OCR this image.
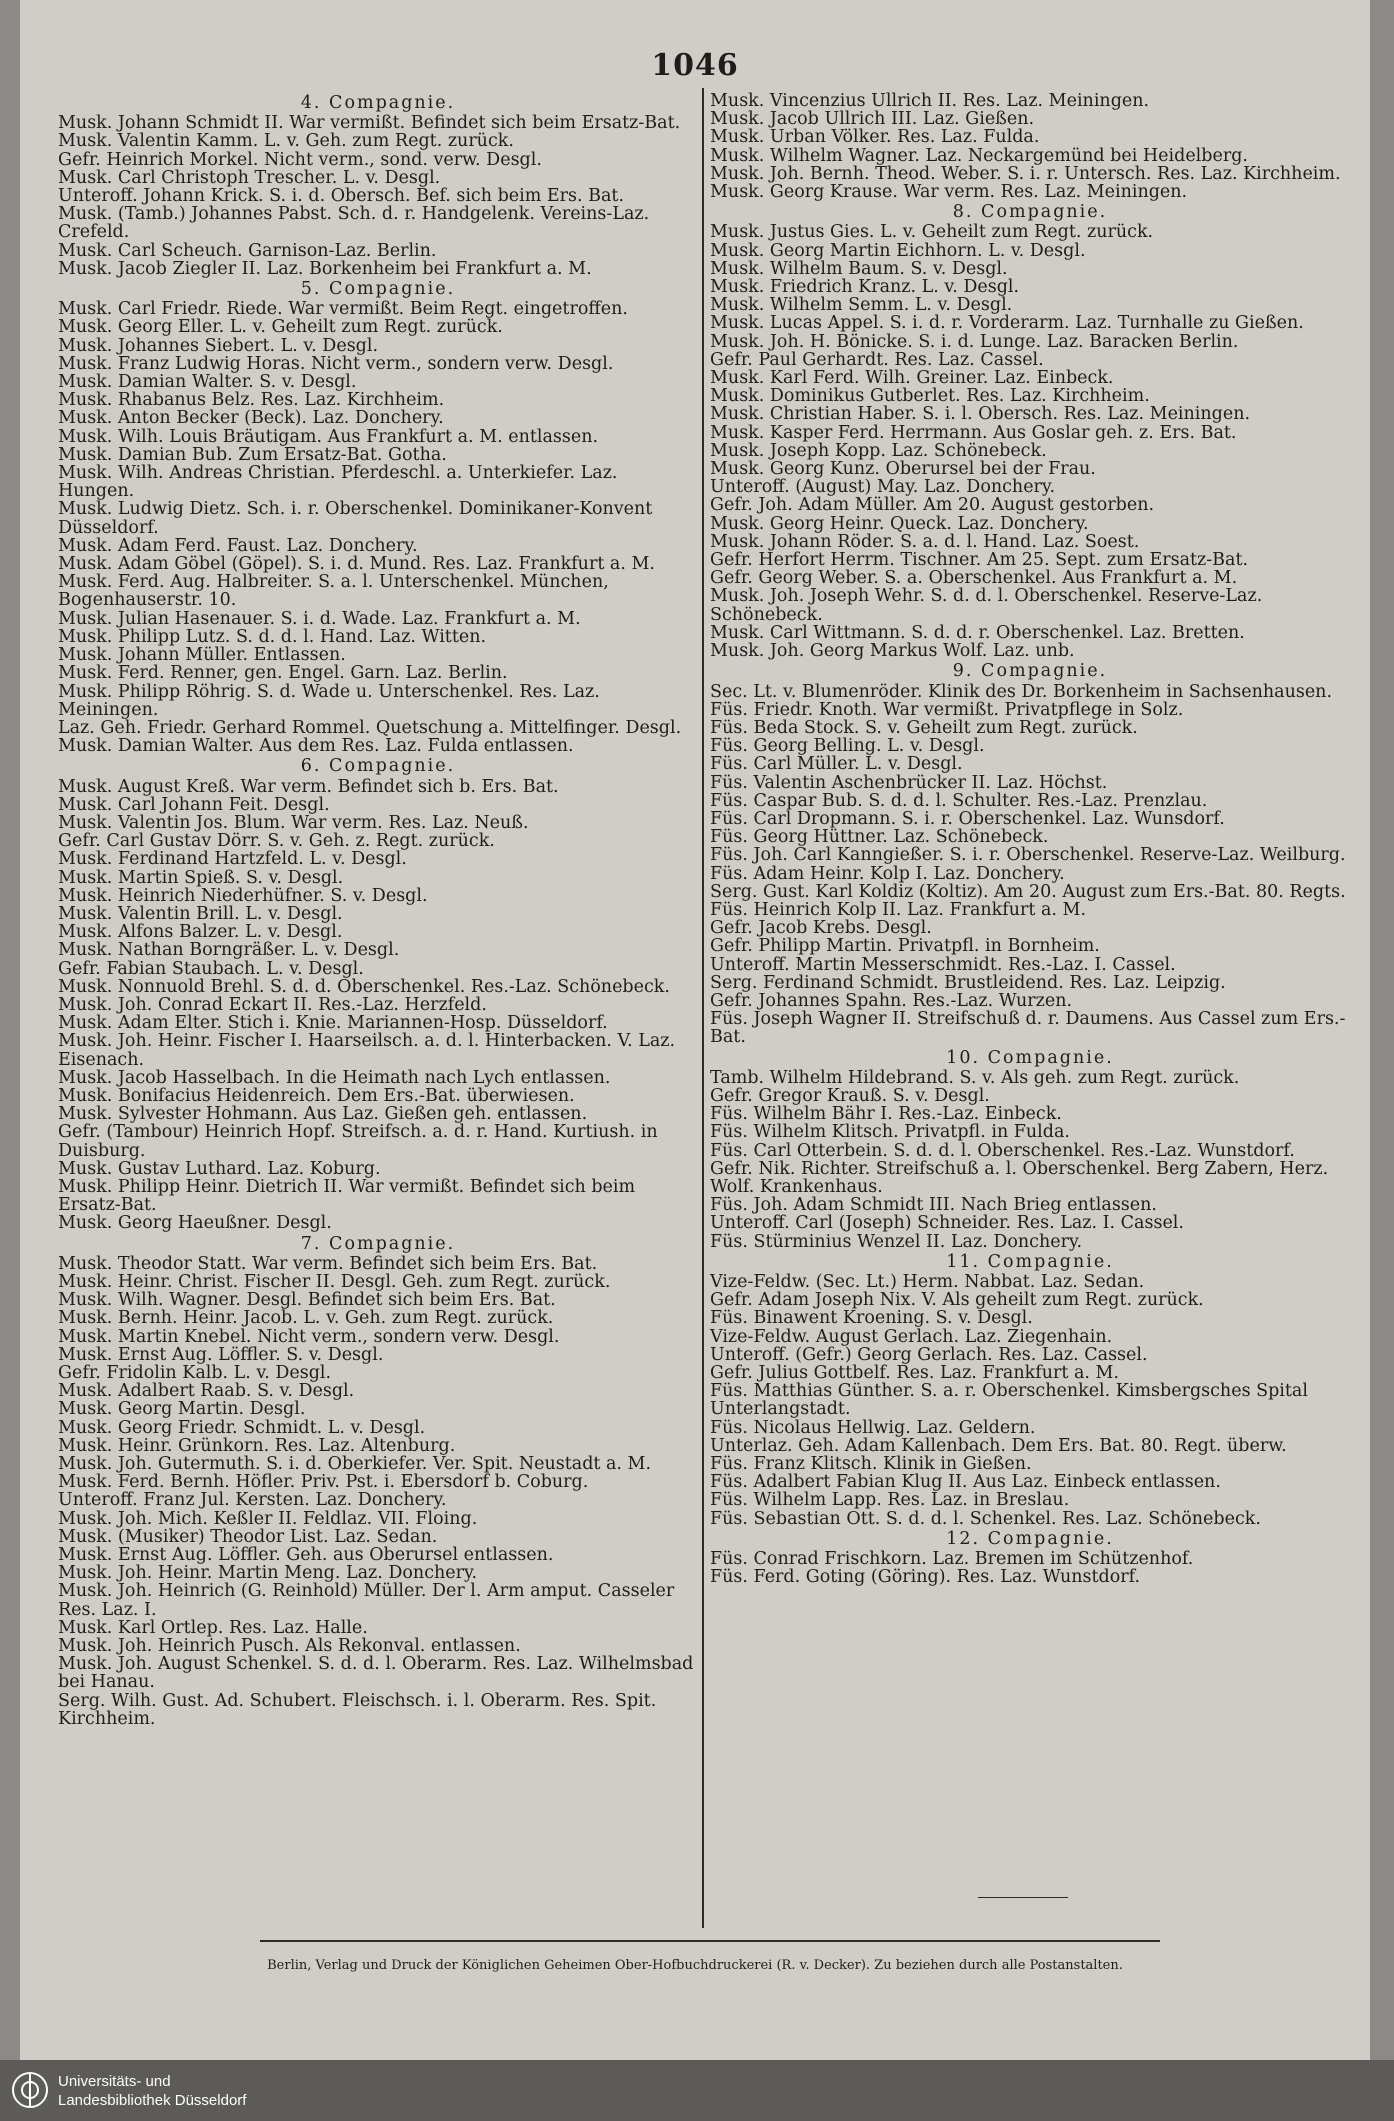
1046
4. Compagnie.
Musk. Johann Schmidt II. War vermißt. Befindet sich beim Ersatz-Bat.
Musk. Valentin Kamm. L. v. Geh. zum Regt. zurück.
Gefr. Heinrich Morkel. Nicht verm., sond. verw. Desgl.
Musk. Carl Christoph Trescher. L. v. Desgl.
Unteroff. Johann Krick. S. i. d. Obersch. Bef. sich beim Ers. Bat.
Musk. (Tamb.) Johannes Pabst. Sch. d. r. Handgelenk. Vereins-Laz. Crefeld.
Musk. Carl Scheuch. Garnison-Laz. Berlin.
Musk. Jacob Ziegler II. Laz. Borkenheim bei Frankfurt a. M.
5. Compagnie.
Musk. Carl Friedr. Riede. War vermißt. Beim Regt. eingetroffen.
Musk. Georg Eller. L. v. Geheilt zum Regt. zurück.
Musk. Johannes Siebert. L. v. Desgl.
Musk. Franz Ludwig Horas. Nicht verm., sondern verw. Desgl.
Musk. Damian Walter. S. v. Desgl.
Musk. Rhabanus Belz. Res. Laz. Kirchheim.
Musk. Anton Becker (Beck). Laz. Donchery.
Musk. Wilh. Louis Bräutigam. Aus Frankfurt a. M. entlassen.
Musk. Damian Bub. Zum Ersatz-Bat. Gotha.
Musk. Wilh. Andreas Christian. Pferdeschl. a. Unterkiefer. Laz. Hungen.
Musk. Ludwig Dietz. Sch. i. r. Oberschenkel. Dominikaner-Konvent Düsseldorf.
Musk. Adam Ferd. Faust. Laz. Donchery.
Musk. Adam Göbel (Göpel). S. i. d. Mund. Res. Laz. Frankfurt a. M.
Musk. Ferd. Aug. Halbreiter. S. a. l. Unterschenkel. München, Bogenhauserstr. 10.
Musk. Julian Hasenauer. S. i. d. Wade. Laz. Frankfurt a. M.
Musk. Philipp Lutz. S. d. d. l. Hand. Laz. Witten.
Musk. Johann Müller. Entlassen.
Musk. Ferd. Renner, gen. Engel. Garn. Laz. Berlin.
Musk. Philipp Röhrig. S. d. Wade u. Unterschenkel. Res. Laz. Meiningen.
Laz. Geh. Friedr. Gerhard Rommel. Quetschung a. Mittelfinger. Desgl.
Musk. Damian Walter. Aus dem Res. Laz. Fulda entlassen.
6. Compagnie.
Musk. August Kreß. War verm. Befindet sich b. Ers. Bat.
Musk. Carl Johann Feit. Desgl.
Musk. Valentin Jos. Blum. War verm. Res. Laz. Neuß.
Gefr. Carl Gustav Dörr. S. v. Geh. z. Regt. zurück.
Musk. Ferdinand Hartzfeld. L. v. Desgl.
Musk. Martin Spieß. S. v. Desgl.
Musk. Heinrich Niederhüfner. S. v. Desgl.
Musk. Valentin Brill. L. v. Desgl.
Musk. Alfons Balzer. L. v. Desgl.
Musk. Nathan Borngräßer. L. v. Desgl.
Gefr. Fabian Staubach. L. v. Desgl.
Musk. Nonnuold Brehl. S. d. d. Oberschenkel. Res.-Laz. Schönebeck.
Musk. Joh. Conrad Eckart II. Res.-Laz. Herzfeld.
Musk. Adam Elter. Stich i. Knie. Mariannen-Hosp. Düsseldorf.
Musk. Joh. Heinr. Fischer I. Haarseilsch. a. d. l. Hinterbacken. V. Laz. Eisenach.
Musk. Jacob Hasselbach. In die Heimath nach Lych entlassen.
Musk. Bonifacius Heidenreich. Dem Ers.-Bat. überwiesen.
Musk. Sylvester Hohmann. Aus Laz. Gießen geh. entlassen.
Gefr. (Tambour) Heinrich Hopf. Streifsch. a. d. r. Hand. Kurtiush. in Duisburg.
Musk. Gustav Luthard. Laz. Koburg.
Musk. Philipp Heinr. Dietrich II. War vermißt. Befindet sich beim Ersatz-Bat.
Musk. Georg Haeußner. Desgl.
7. Compagnie.
Musk. Theodor Statt. War verm. Befindet sich beim Ers. Bat.
Musk. Heinr. Christ. Fischer II. Desgl. Geh. zum Regt. zurück.
Musk. Wilh. Wagner. Desgl. Befindet sich beim Ers. Bat.
Musk. Bernh. Heinr. Jacob. L. v. Geh. zum Regt. zurück.
Musk. Martin Knebel. Nicht verm., sondern verw. Desgl.
Musk. Ernst Aug. Löffler. S. v. Desgl.
Gefr. Fridolin Kalb. L. v. Desgl.
Musk. Adalbert Raab. S. v. Desgl.
Musk. Georg Martin. Desgl.
Musk. Georg Friedr. Schmidt. L. v. Desgl.
Musk. Heinr. Grünkorn. Res. Laz. Altenburg.
Musk. Joh. Gutermuth. S. i. d. Oberkiefer. Ver. Spit. Neustadt a. M.
Musk. Ferd. Bernh. Höfler. Priv. Pst. i. Ebersdorf b. Coburg.
Unteroff. Franz Jul. Kersten. Laz. Donchery.
Musk. Joh. Mich. Keßler II. Feldlaz. VII. Floing.
Musk. (Musiker) Theodor List. Laz. Sedan.
Musk. Ernst Aug. Löffler. Geh. aus Oberursel entlassen.
Musk. Joh. Heinr. Martin Meng. Laz. Donchery.
Musk. Joh. Heinrich (G. Reinhold) Müller. Der l. Arm amput. Casseler Res. Laz. I.
Musk. Karl Ortlep. Res. Laz. Halle.
Musk. Joh. Heinrich Pusch. Als Rekonval. entlassen.
Musk. Joh. August Schenkel. S. d. d. l. Oberarm. Res. Laz. Wilhelmsbad bei Hanau.
Serg. Wilh. Gust. Ad. Schubert. Fleischsch. i. l. Oberarm. Res. Spit. Kirchheim.
Musk. Vincenzius Ullrich II. Res. Laz. Meiningen.
Musk. Jacob Ullrich III. Laz. Gießen.
Musk. Urban Völker. Res. Laz. Fulda.
Musk. Wilhelm Wagner. Laz. Neckargemünd bei Heidelberg.
Musk. Joh. Bernh. Theod. Weber. S. i. r. Untersch. Res. Laz. Kirchheim.
Musk. Georg Krause. War verm. Res. Laz. Meiningen.
8. Compagnie.
Musk. Justus Gies. L. v. Geheilt zum Regt. zurück.
Musk. Georg Martin Eichhorn. L. v. Desgl.
Musk. Wilhelm Baum. S. v. Desgl.
Musk. Friedrich Kranz. L. v. Desgl.
Musk. Wilhelm Semm. L. v. Desgl.
Musk. Lucas Appel. S. i. d. r. Vorderarm. Laz. Turnhalle zu Gießen.
Musk. Joh. H. Bönicke. S. i. d. Lunge. Laz. Baracken Berlin.
Gefr. Paul Gerhardt. Res. Laz. Cassel.
Musk. Karl Ferd. Wilh. Greiner. Laz. Einbeck.
Musk. Dominikus Gutberlet. Res. Laz. Kirchheim.
Musk. Christian Haber. S. i. l. Obersch. Res. Laz. Meiningen.
Musk. Kasper Ferd. Herrmann. Aus Goslar geh. z. Ers. Bat.
Musk. Joseph Kopp. Laz. Schönebeck.
Musk. Georg Kunz. Oberursel bei der Frau.
Unteroff. (August) May. Laz. Donchery.
Gefr. Joh. Adam Müller. Am 20. August gestorben.
Musk. Georg Heinr. Queck. Laz. Donchery.
Musk. Johann Röder. S. a. d. l. Hand. Laz. Soest.
Gefr. Herfort Herrm. Tischner. Am 25. Sept. zum Ersatz-Bat.
Gefr. Georg Weber. S. a. Oberschenkel. Aus Frankfurt a. M.
Musk. Joh. Joseph Wehr. S. d. d. l. Oberschenkel. Reserve-Laz. Schönebeck.
Musk. Carl Wittmann. S. d. d. r. Oberschenkel. Laz. Bretten.
Musk. Joh. Georg Markus Wolf. Laz. unb.
9. Compagnie.
Sec. Lt. v. Blumenröder. Klinik des Dr. Borkenheim in Sachsenhausen.
Füs. Friedr. Knoth. War vermißt. Privatpflege in Solz.
Füs. Beda Stock. S. v. Geheilt zum Regt. zurück.
Füs. Georg Belling. L. v. Desgl.
Füs. Carl Müller. L. v. Desgl.
Füs. Valentin Aschenbrücker II. Laz. Höchst.
Füs. Caspar Bub. S. d. d. l. Schulter. Res.-Laz. Prenzlau.
Füs. Carl Dropmann. S. i. r. Oberschenkel. Laz. Wunsdorf.
Füs. Georg Hüttner. Laz. Schönebeck.
Füs. Joh. Carl Kanngießer. S. i. r. Oberschenkel. Reserve-Laz. Weilburg.
Füs. Adam Heinr. Kolp I. Laz. Donchery.
Serg. Gust. Karl Koldiz (Koltiz). Am 20. August zum Ers.-Bat. 80. Regts.
Füs. Heinrich Kolp II. Laz. Frankfurt a. M.
Gefr. Jacob Krebs. Desgl.
Gefr. Philipp Martin. Privatpfl. in Bornheim.
Unteroff. Martin Messerschmidt. Res.-Laz. I. Cassel.
Serg. Ferdinand Schmidt. Brustleidend. Res. Laz. Leipzig.
Gefr. Johannes Spahn. Res.-Laz. Wurzen.
Füs. Joseph Wagner II. Streifschuß d. r. Daumens. Aus Cassel zum Ers.-Bat.
10. Compagnie.
Tamb. Wilhelm Hildebrand. S. v. Als geh. zum Regt. zurück.
Gefr. Gregor Krauß. S. v. Desgl.
Füs. Wilhelm Bähr I. Res.-Laz. Einbeck.
Füs. Wilhelm Klitsch. Privatpfl. in Fulda.
Füs. Carl Otterbein. S. d. d. l. Oberschenkel. Res.-Laz. Wunstdorf.
Gefr. Nik. Richter. Streifschuß a. l. Oberschenkel. Berg Zabern, Herz. Wolf. Krankenhaus.
Füs. Joh. Adam Schmidt III. Nach Brieg entlassen.
Unteroff. Carl (Joseph) Schneider. Res. Laz. I. Cassel.
Füs. Stürminius Wenzel II. Laz. Donchery.
11. Compagnie.
Vize-Feldw. (Sec. Lt.) Herm. Nabbat. Laz. Sedan.
Gefr. Adam Joseph Nix. V. Als geheilt zum Regt. zurück.
Füs. Binawent Kroening. S. v. Desgl.
Vize-Feldw. August Gerlach. Laz. Ziegenhain.
Unteroff. (Gefr.) Georg Gerlach. Res. Laz. Cassel.
Gefr. Julius Gottbelf. Res. Laz. Frankfurt a. M.
Füs. Matthias Günther. S. a. r. Oberschenkel. Kimsbergsches Spital Unterlangstadt.
Füs. Nicolaus Hellwig. Laz. Geldern.
Unterlaz. Geh. Adam Kallenbach. Dem Ers. Bat. 80. Regt. überw.
Füs. Franz Klitsch. Klinik in Gießen.
Füs. Adalbert Fabian Klug II. Aus Laz. Einbeck entlassen.
Füs. Wilhelm Lapp. Res. Laz. in Breslau.
Füs. Sebastian Ott. S. d. d. l. Schenkel. Res. Laz. Schönebeck.
12. Compagnie.
Füs. Conrad Frischkorn. Laz. Bremen im Schützenhof.
Füs. Ferd. Goting (Göring). Res. Laz. Wunstdorf.
Berlin, Verlag und Druck der Königlichen Geheimen Ober-Hofbuchdruckerei (R. v. Decker). Zu beziehen durch alle Postanstalten.
Universitäts- und
Landesbibliothek Düsseldorf
